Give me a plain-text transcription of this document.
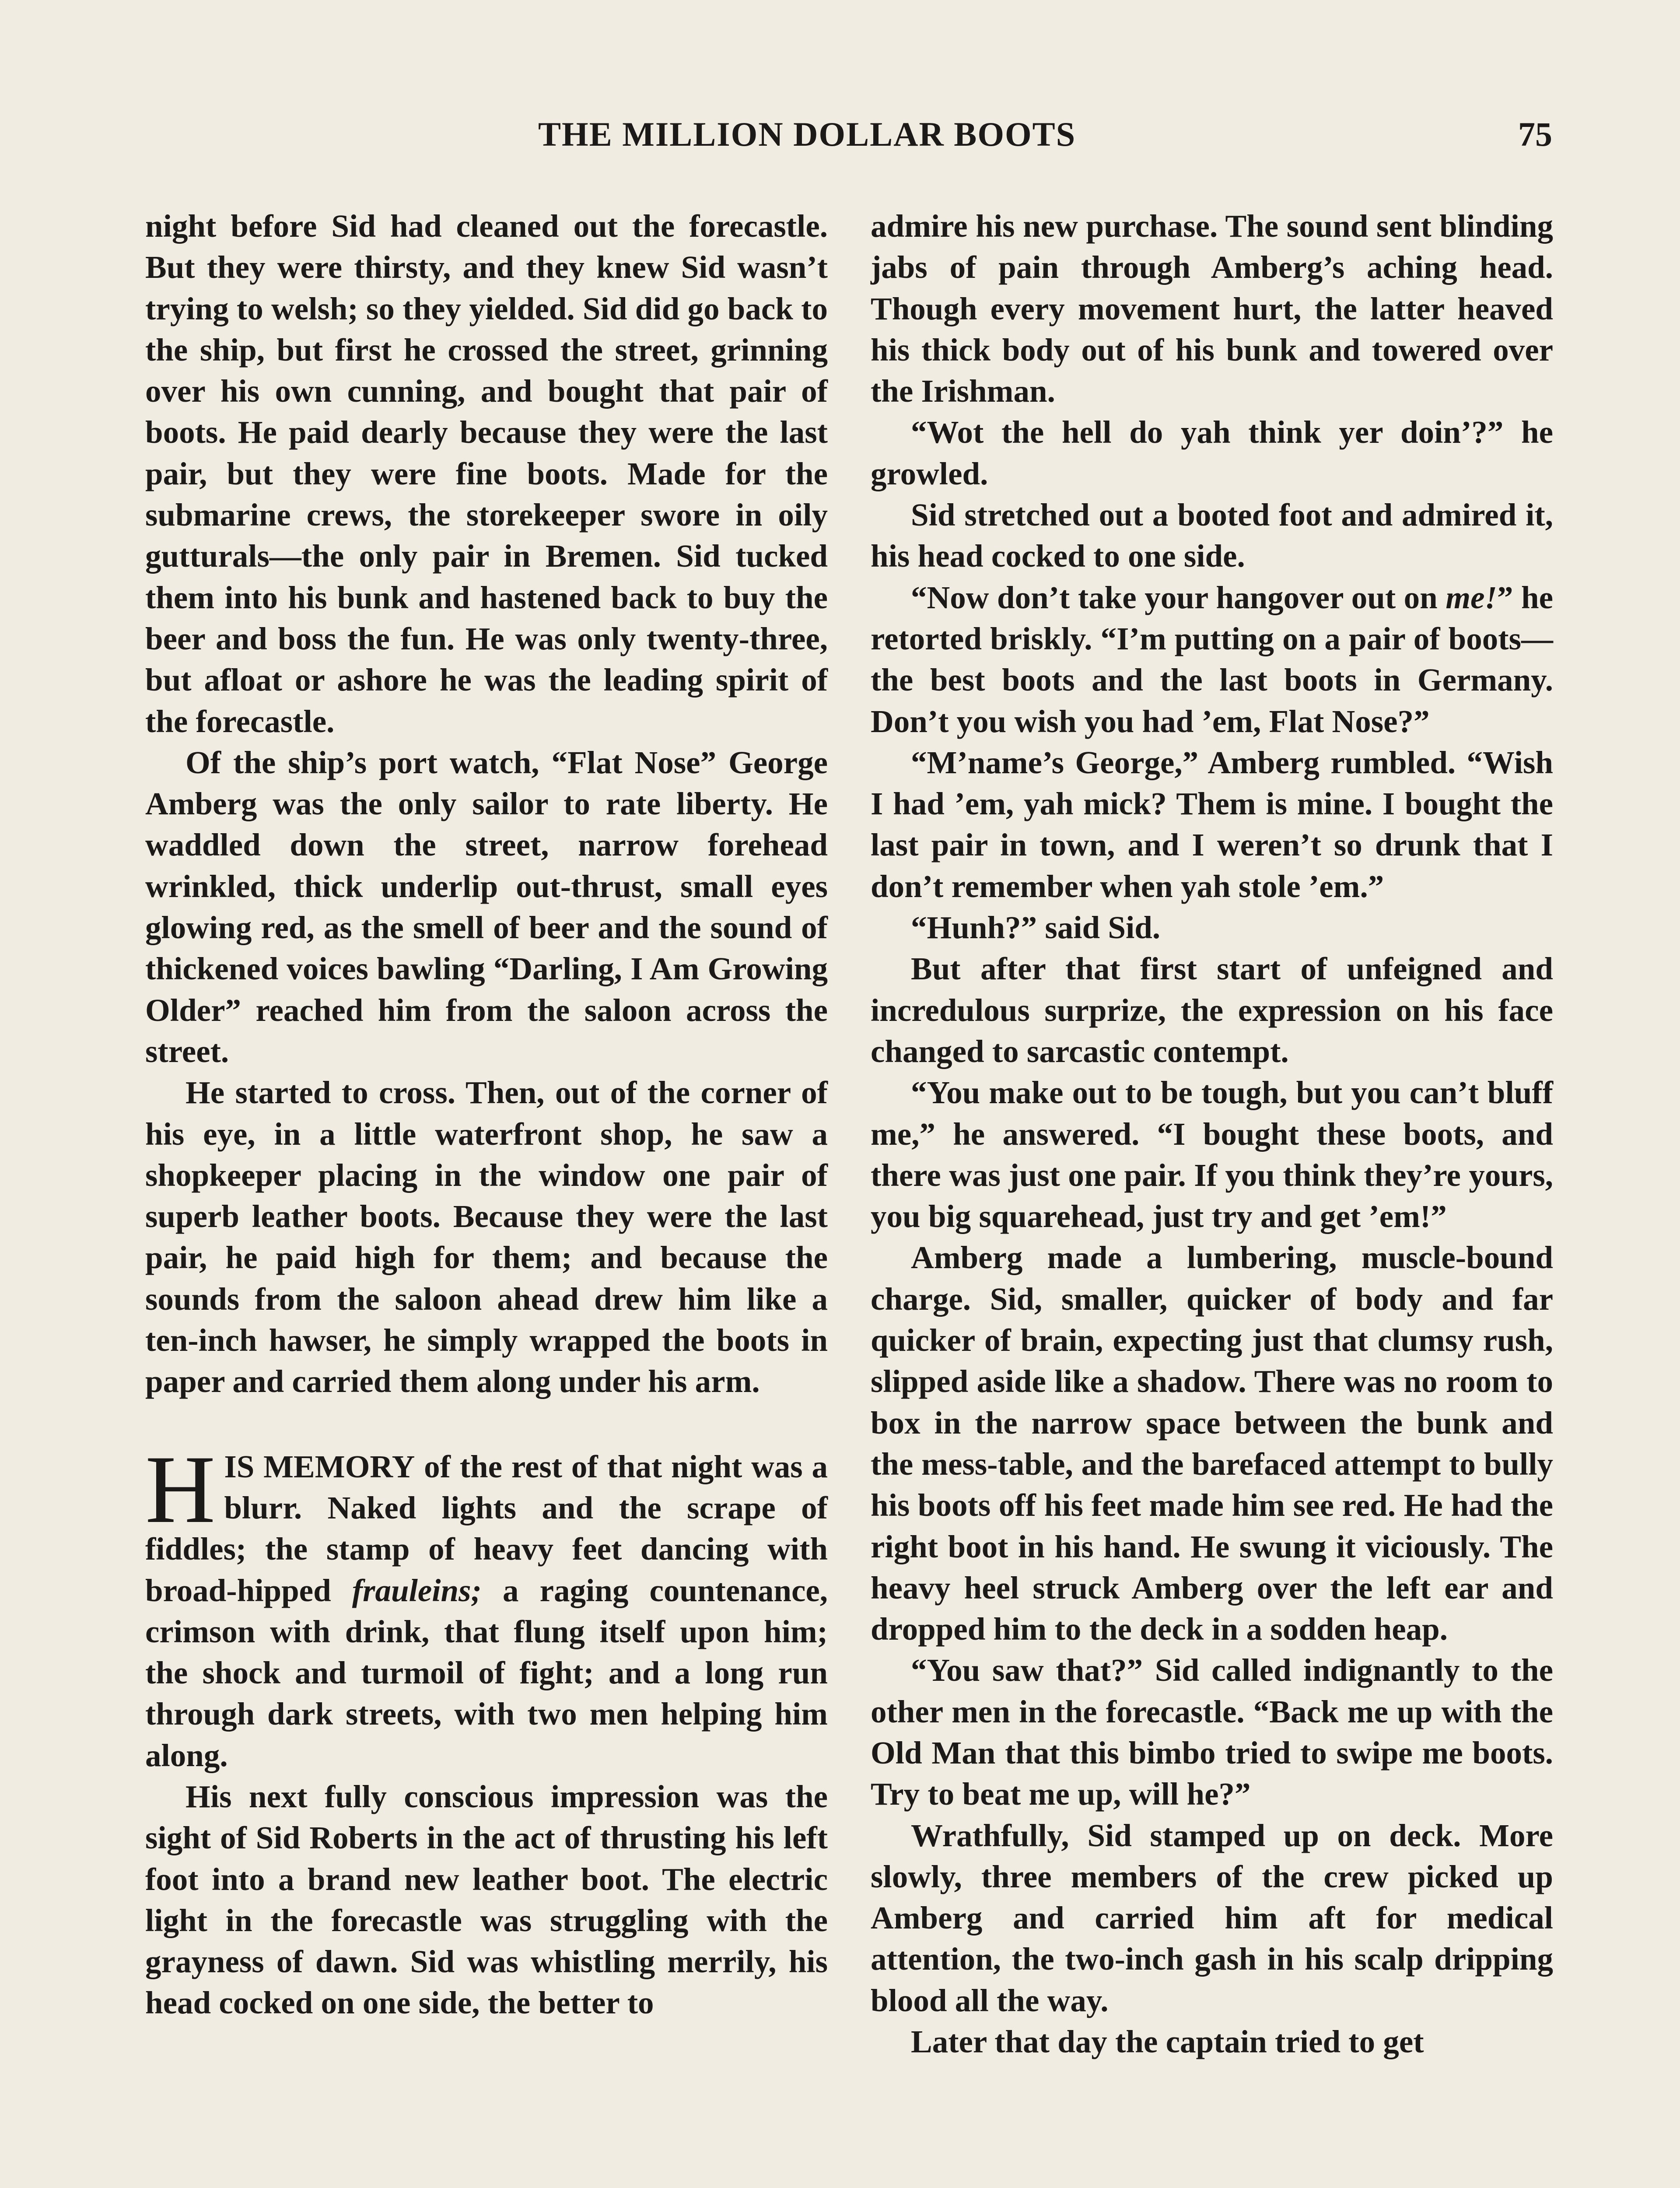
THE MILLION DOLLAR BOOTS	75

night before Sid had cleaned out the forecastle. But they were thirsty, and they knew Sid wasn’t trying to welsh; so they yielded. Sid did go back to the ship, but first he crossed the street, grinning over his own cunning, and bought that pair of boots. He paid dearly because they were the last pair, but they were fine boots. Made for the submarine crews, the storekeeper swore in oily gutturals—the only pair in Bremen. Sid tucked them into his bunk and hastened back to buy the beer and boss the fun. He was only twenty-three, but afloat or ashore he was the leading spirit of the forecastle.

Of the ship’s port watch, “Flat Nose” George Amberg was the only sailor to rate liberty. He waddled down the street, narrow forehead wrinkled, thick underlip out-thrust, small eyes glowing red, as the smell of beer and the sound of thickened voices bawling “Darling, I Am Growing Older” reached him from the saloon across the street.

He started to cross. Then, out of the corner of his eye, in a little waterfront shop, he saw a shopkeeper placing in the window one pair of superb leather boots. Because they were the last pair, he paid high for them; and because the sounds from the saloon ahead drew him like a ten-inch hawser, he simply wrapped the boots in paper and carried them along under his arm.

HIS MEMORY of the rest of that night was a blurr. Naked lights and the scrape of fiddles; the stamp of heavy feet dancing with broad-hipped frauleins; a raging countenance, crimson with drink, that flung itself upon him; the shock and turmoil of fight; and a long run through dark streets, with two men helping him along.

His next fully conscious impression was the sight of Sid Roberts in the act of thrusting his left foot into a brand new leather boot. The electric light in the forecastle was struggling with the grayness of dawn. Sid was whistling merrily, his head cocked on one side, the better to

admire his new purchase. The sound sent blinding jabs of pain through Amberg’s aching head. Though every movement hurt, the latter heaved his thick body out of his bunk and towered over the Irishman.

“Wot the hell do yah think yer doin’?” he growled.

Sid stretched out a booted foot and admired it, his head cocked to one side.

“Now don’t take your hangover out on me!” he retorted briskly. “I’m putting on a pair of boots—the best boots and the last boots in Germany. Don’t you wish you had ’em, Flat Nose?”

“M’name’s George,” Amberg rumbled. “Wish I had ’em, yah mick? Them is mine. I bought the last pair in town, and I weren’t so drunk that I don’t remember when yah stole ’em.”

“Hunh?” said Sid.

But after that first start of unfeigned and incredulous surprize, the expression on his face changed to sarcastic contempt.

“You make out to be tough, but you can’t bluff me,” he answered. “I bought these boots, and there was just one pair. If you think they’re yours, you big squarehead, just try and get ’em!”

Amberg made a lumbering, muscle-bound charge. Sid, smaller, quicker of body and far quicker of brain, expecting just that clumsy rush, slipped aside like a shadow. There was no room to box in the narrow space between the bunk and the mess-table, and the barefaced attempt to bully his boots off his feet made him see red. He had the right boot in his hand. He swung it viciously. The heavy heel struck Amberg over the left ear and dropped him to the deck in a sodden heap.

“You saw that?” Sid called indignantly to the other men in the forecastle. “Back me up with the Old Man that this bimbo tried to swipe me boots. Try to beat me up, will he?”

Wrathfully, Sid stamped up on deck. More slowly, three members of the crew picked up Amberg and carried him aft for medical attention, the two-inch gash in his scalp dripping blood all the way.

Later that day the captain tried to get
